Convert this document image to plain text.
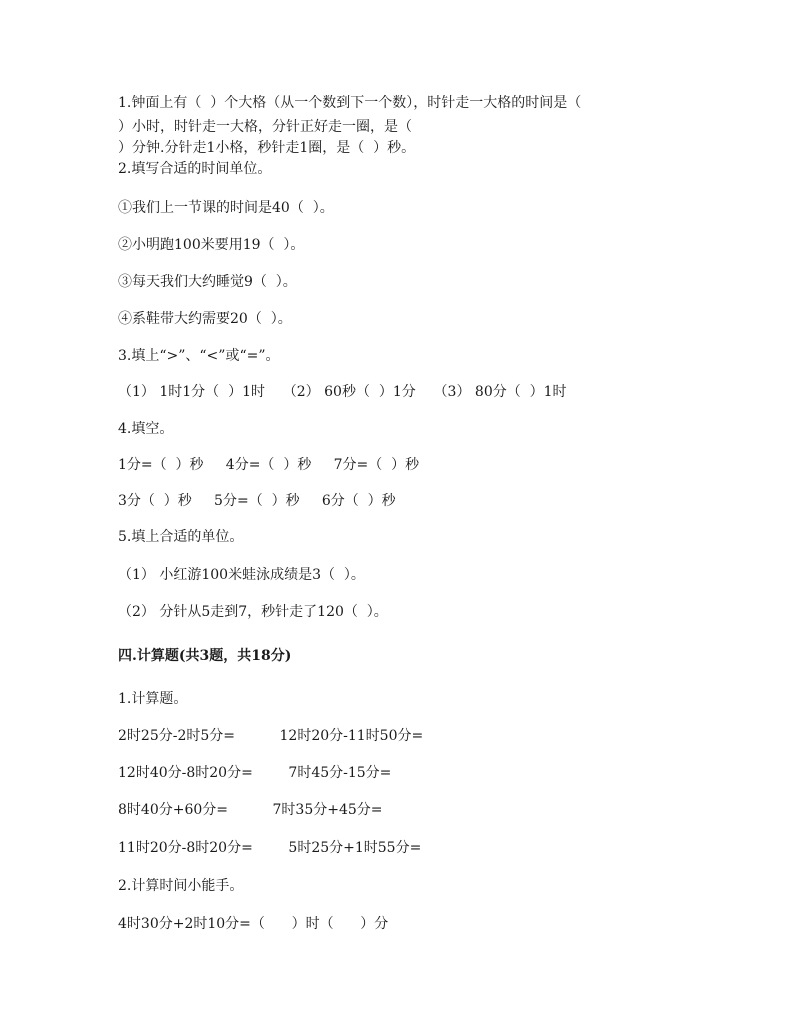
1.钟面上有（  ）个大格（从一个数到下一个数），时针走一大格的时间是（
）小时，时针走一大格，分针正好走一圈，是（
）分钟.分针走1小格，秒针走1圈，是（  ）秒。
2.填写合适的时间单位。
①我们上一节课的时间是40（  ）。
②小明跑100米要用19（  ）。
③每天我们大约睡觉9（  ）。
④系鞋带大约需要20（  ）。
3.填上“>”、“<”或“=”。
（1） 1时1分（  ）1时    （2） 60秒（  ）1分    （3） 80分（  ）1时
4.填空。
1分=（  ）秒     4分=（  ）秒     7分=（  ）秒
3分（  ）秒     5分=（  ）秒     6分（  ）秒
5.填上合适的单位。
（1） 小红游100米蛙泳成绩是3（  ）。
（2） 分针从5走到7，秒针走了120（  ）。
四.计算题(共3题，共18分)
1.计算题。
2时25分-2时5分=          12时20分-11时50分=
12时40分-8时20分=        7时45分-15分=
8时40分+60分=          7时35分+45分=
11时20分-8时20分=        5时25分+1时55分=
2.计算时间小能手。
4时30分+2时10分=（      ）时（      ）分
